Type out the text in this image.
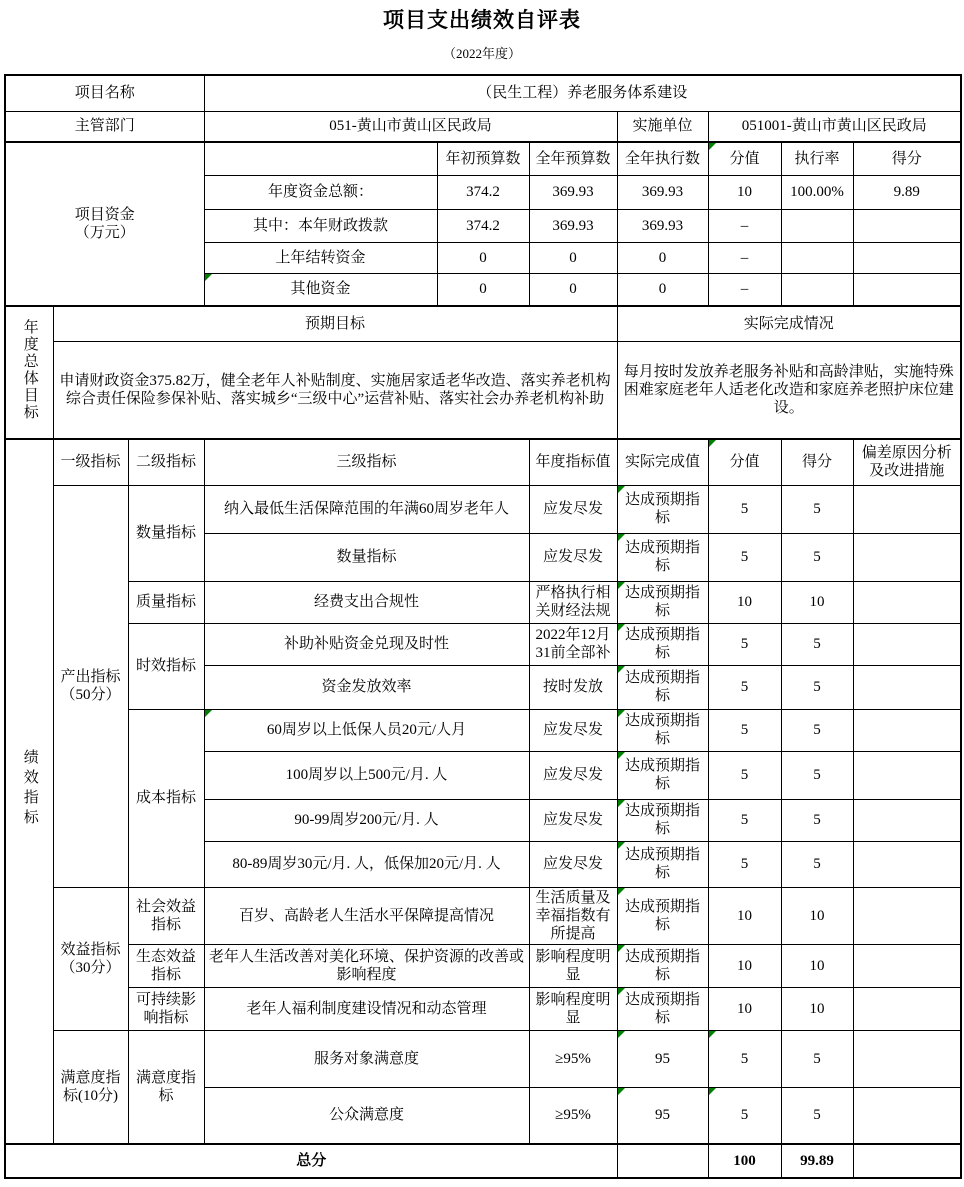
项目支出绩效自评表
（2022年度）
项目名称			（民生工程）养老服务体系建设						
主管部门			051-黄山市黄山区民政局			实施单位	051001-黄山市黄山区民政局		

项目资金
（万元）				年初预算数	全年预算数	全年执行数	分值	执行率	得分
			年度资金总额：	374.2	369.93	369.93	10	100.00%	9.89
			其中：本年财政拨款	374.2	369.93	369.93	–		
			上年结转资金	0	0	0	–		
			其他资金	0	0	0	–		
年度总体目标	预期目标					实际完成情况			
	申请财政资金375.82万，健全老年人补贴制度、实施居家适老华改造、落实养老机构综合责任保险参保补贴、落实城乡“三级中心”运营补贴、落实社会办养老机构补助					每月按时发放养老服务补贴和高龄津贴，实施特殊困难家庭老年人适老化改造和家庭养老照护床位建设。			
绩效指标	一级指标	二级指标	三级指标		年度指标值	实际完成值	分值	得分	偏差原因分析及改进措施
	产出指标（50分）	数量指标	纳入最低生活保障范围的年满60周岁老年人		应发尽发	达成预期指标	5	5	
			数量指标		应发尽发	达成预期指标	5	5	
		质量指标	经费支出合规性		严格执行相关财经法规	达成预期指标	10	10	
		时效指标	补助补贴资金兑现及时性		2022年12月31前全部补	达成预期指标	5	5	
			资金发放效率		按时发放	达成预期指标	5	5	
		成本指标	60周岁以上低保人员20元/人月		应发尽发	达成预期指标	5	5	
			100周岁以上500元/月. 人		应发尽发	达成预期指标	5	5	
			90-99周岁200元/月. 人		应发尽发	达成预期指标	5	5	
			80-89周岁30元/月. 人，低保加20元/月. 人		应发尽发	达成预期指标	5	5	
	效益指标（30分）	社会效益指标	百岁、高龄老人生活水平保障提高情况		生活质量及幸福指数有所提高	达成预期指标	10	10	
		生态效益指标	老年人生活改善对美化环境、保护资源的改善或影响程度		影响程度明显	达成预期指标	10	10	
		可持续影响指标	老年人福利制度建设情况和动态管理		影响程度明显	达成预期指标	10	10	
	满意度指标(10分)	满意度指标	服务对象满意度		≥95%	95	5	5	
			公众满意度		≥95%	95	5	5	
总分							100	99.89	
